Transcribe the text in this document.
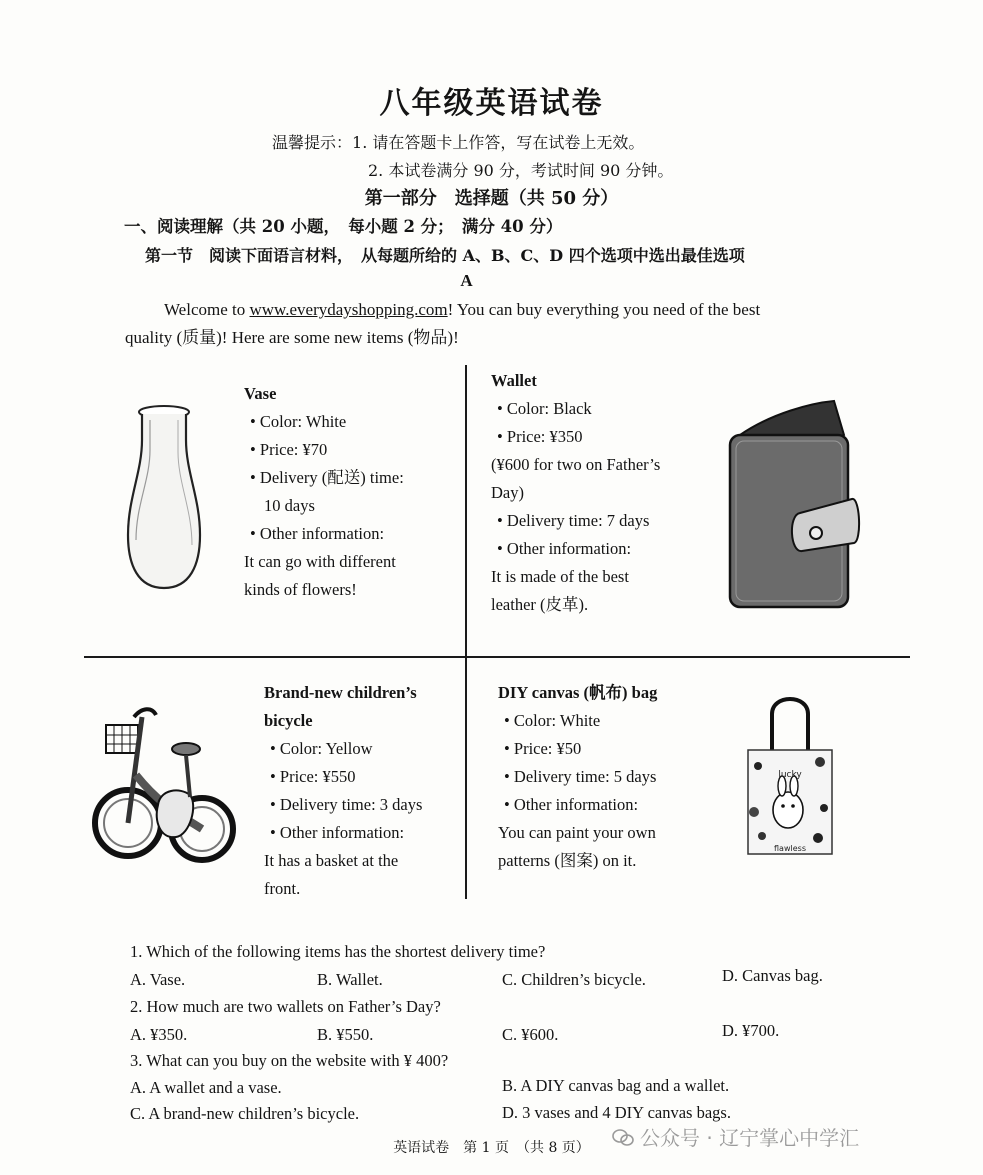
八年级英语试卷
温馨提示：1. 请在答题卡上作答，写在试卷上无效。
2. 本试卷满分 90 分，考试时间 90 分钟。
第一部分　选择题（共 50 分）
一、阅读理解（共 20 小题，　每小题 2 分；　满分 40 分）
第一节　阅读下面语言材料，　从每题所给的 A、B、C、D 四个选项中选出最佳选项
A
Welcome to www.everydayshopping.com! You can buy everything you need of the best
quality (质量)! Here are some new items (物品)!
Vase
• Color: White
• Price: ¥70
• Delivery (配送) time:
10 days
• Other information:
It can go with different
kinds of flowers!
Wallet
• Color: Black
• Price: ¥350
(¥600 for two on Father’s
Day)
• Delivery time: 7 days
• Other information:
It is made of the best
leather (皮革).
Brand-new children’s
bicycle
• Color: Yellow
• Price: ¥550
• Delivery time: 3 days
• Other information:
It has a basket at the
front.
DIY canvas (帆布) bag
• Color: White
• Price: ¥50
• Delivery time: 5 days
• Other information:
You can paint your own
patterns (图案) on it.
lucky
flawless
1. Which of the following items has the shortest delivery time?
A. Vase.	B. Wallet.	C. Children’s bicycle.	D. Canvas bag.
2. How much are two wallets on Father’s Day?
A. ¥350.	B. ¥550.	C. ¥600.	D. ¥700.
3. What can you buy on the website with ¥ 400?
A. A wallet and a vase.	B. A DIY canvas bag and a wallet.
C. A brand-new children’s bicycle.	D. 3 vases and 4 DIY canvas bags.
英语试卷　第 1 页　（共 8 页）	公众号 · 辽宁掌心中学汇
